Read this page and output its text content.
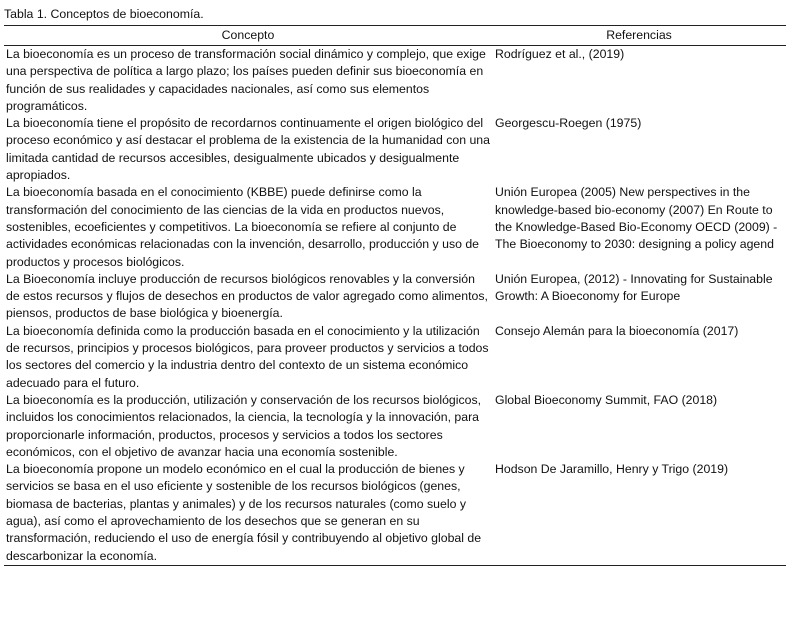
Tabla 1. Conceptos de bioeconomía.
Concepto	Referencias
La bioeconomía es un proceso de transformación social dinámico y complejo, que exige una perspectiva de política a largo plazo; los países pueden definir sus bioeconomía en función de sus realidades y capacidades nacionales, así como sus elementos programáticos.	Rodríguez et al., (2019)
La bioeconomía tiene el propósito de recordarnos continuamente el origen biológico del proceso económico y así destacar el problema de la existencia de la humanidad con una limitada cantidad de recursos accesibles, desigualmente ubicados y desigualmente apropiados.	Georgescu-Roegen (1975)
La bioeconomía basada en el conocimiento (KBBE) puede definirse como la transformación del conocimiento de las ciencias de la vida en productos nuevos, sostenibles, ecoeficientes y competitivos. La bioeconomía se refiere al conjunto de actividades económicas relacionadas con la invención, desarrollo, producción y uso de productos y procesos biológicos.	Unión Europea (2005) New perspectives in the knowledge-based bio-economy (2007) En Route to the Knowledge-Based Bio-Economy OECD (2009) - The Bioeconomy to 2030: designing a policy agend
La Bioeconomía incluye producción de recursos biológicos renovables y la conversión de estos recursos y flujos de desechos en productos de valor agregado como alimentos, piensos, productos de base biológica y bioenergía.	Unión Europea, (2012) - Innovating for Sustainable Growth: A Bioeconomy for Europe
La bioeconomía definida como la producción basada en el conocimiento y la utilización de recursos, principios y procesos biológicos, para proveer productos y servicios a todos los sectores del comercio y la industria dentro del contexto de un sistema económico adecuado para el futuro.	Consejo Alemán para la bioeconomía (2017)
La bioeconomía es la producción, utilización y conservación de los recursos biológicos, incluidos los conocimientos relacionados, la ciencia, la tecnología y la innovación, para proporcionarle información, productos, procesos y servicios a todos los sectores económicos, con el objetivo de avanzar hacia una economía sostenible.	Global Bioeconomy Summit, FAO (2018)
La bioeconomía propone un modelo económico en el cual la producción de bienes y servicios se basa en el uso eficiente y sostenible de los recursos biológicos (genes, biomasa de bacterias, plantas y animales) y de los recursos naturales (como suelo y agua), así como el aprovechamiento de los desechos que se generan en su transformación, reduciendo el uso de energía fósil y contribuyendo al objetivo global de descarbonizar la economía.	Hodson De Jaramillo, Henry y Trigo (2019)
